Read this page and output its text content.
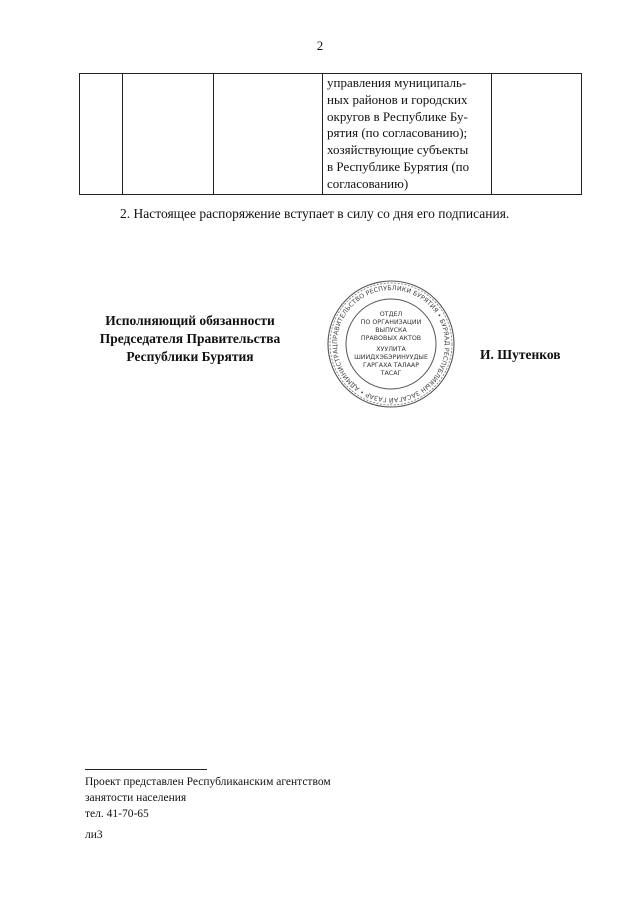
2
			управления муниципаль-
ных районов и городских
округов в Республике Бу-
рятия (по согласованию);
хозяйствующие субъекты
в Республике Бурятия (по
согласованию)	
2. Настоящее распоряжение вступает в силу со дня его подписания.
Исполняющий обязанности
Председателя Правительства
Республики Бурятия
ПРАВИТЕЛЬСТВО РЕСПУБЛИКИ БУРЯТИЯ • БУРЯАД РЕСПУБЛИКЫН ЗАСАГАЙ ГАЗАР • АДМИНИСТРАЦ
ОТДЕЛ
ПО ОРГАНИЗАЦИИ
ВЫПУСКА
ПРАВОВЫХ АКТОВ
ХУУЛИТА
ШИИДХЭБЭРИНУУДЫЕ
ГАРГАХА ТАЛААР
ТАСАГ
И. Шутенков
Проект представлен Республиканским агентством
занятости населения
тел. 41-70-65
ли3
